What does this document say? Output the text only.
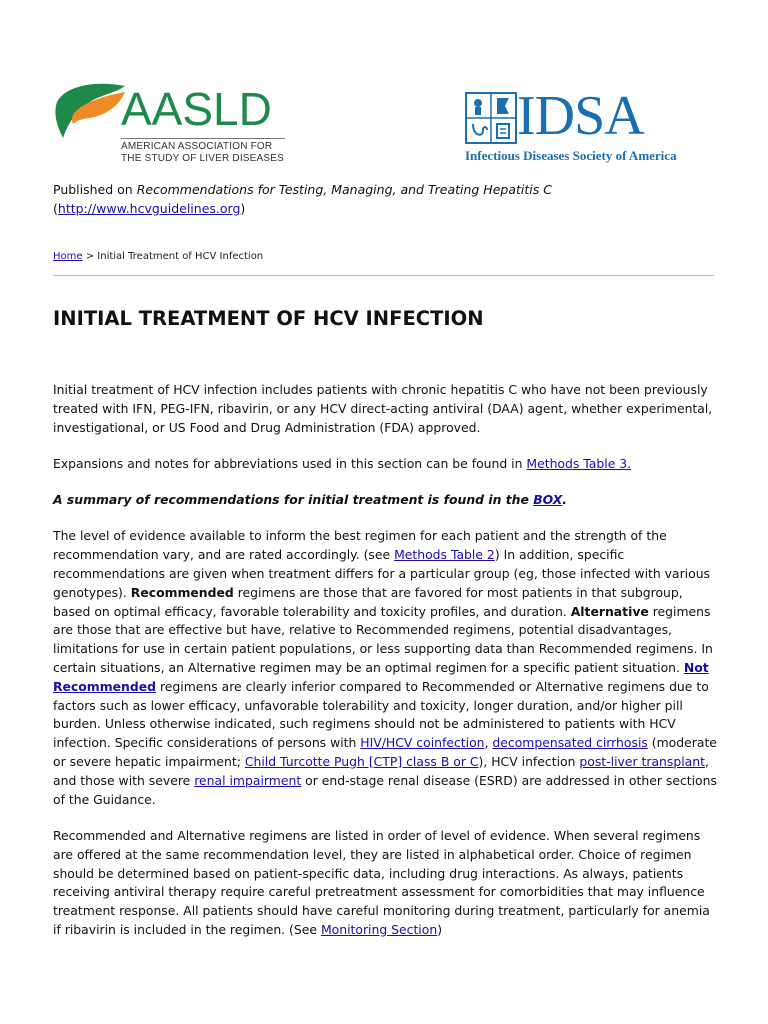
AASLD
AMERICAN ASSOCIATION FOR THE STUDY OF LIVER DISEASES
IDSA
Infectious Diseases Society of America
Published on Recommendations for Testing, Managing, and Treating Hepatitis C
(http://www.hcvguidelines.org)
Home > Initial Treatment of HCV Infection
INITIAL TREATMENT OF HCV INFECTION

Initial treatment of HCV infection includes patients with chronic hepatitis C who have not been previously treated with IFN, PEG-IFN, ribavirin, or any HCV direct-acting antiviral (DAA) agent, whether experimental, investigational, or US Food and Drug Administration (FDA) approved.

Expansions and notes for abbreviations used in this section can be found in Methods Table 3.

A summary of recommendations for initial treatment is found in the BOX.

The level of evidence available to inform the best regimen for each patient and the strength of the recommendation vary, and are rated accordingly. (see Methods Table 2) In addition, specific recommendations are given when treatment differs for a particular group (eg, those infected with various genotypes). Recommended regimens are those that are favored for most patients in that subgroup, based on optimal efficacy, favorable tolerability and toxicity profiles, and duration. Alternative regimens are those that are effective but have, relative to Recommended regimens, potential disadvantages, limitations for use in certain patient populations, or less supporting data than Recommended regimens. In certain situations, an Alternative regimen may be an optimal regimen for a specific patient situation. Not Recommended regimens are clearly inferior compared to Recommended or Alternative regimens due to factors such as lower efficacy, unfavorable tolerability and toxicity, longer duration, and/or higher pill burden. Unless otherwise indicated, such regimens should not be administered to patients with HCV infection. Specific considerations of persons with HIV/HCV coinfection, decompensated cirrhosis (moderate or severe hepatic impairment; Child Turcotte Pugh [CTP] class B or C), HCV infection post-liver transplant, and those with severe renal impairment or end-stage renal disease (ESRD) are addressed in other sections of the Guidance.

Recommended and Alternative regimens are listed in order of level of evidence. When several regimens are offered at the same recommendation level, they are listed in alphabetical order. Choice of regimen should be determined based on patient-specific data, including drug interactions. As always, patients receiving antiviral therapy require careful pretreatment assessment for comorbidities that may influence treatment response. All patients should have careful monitoring during treatment, particularly for anemia if ribavirin is included in the regimen. (See Monitoring Section)
